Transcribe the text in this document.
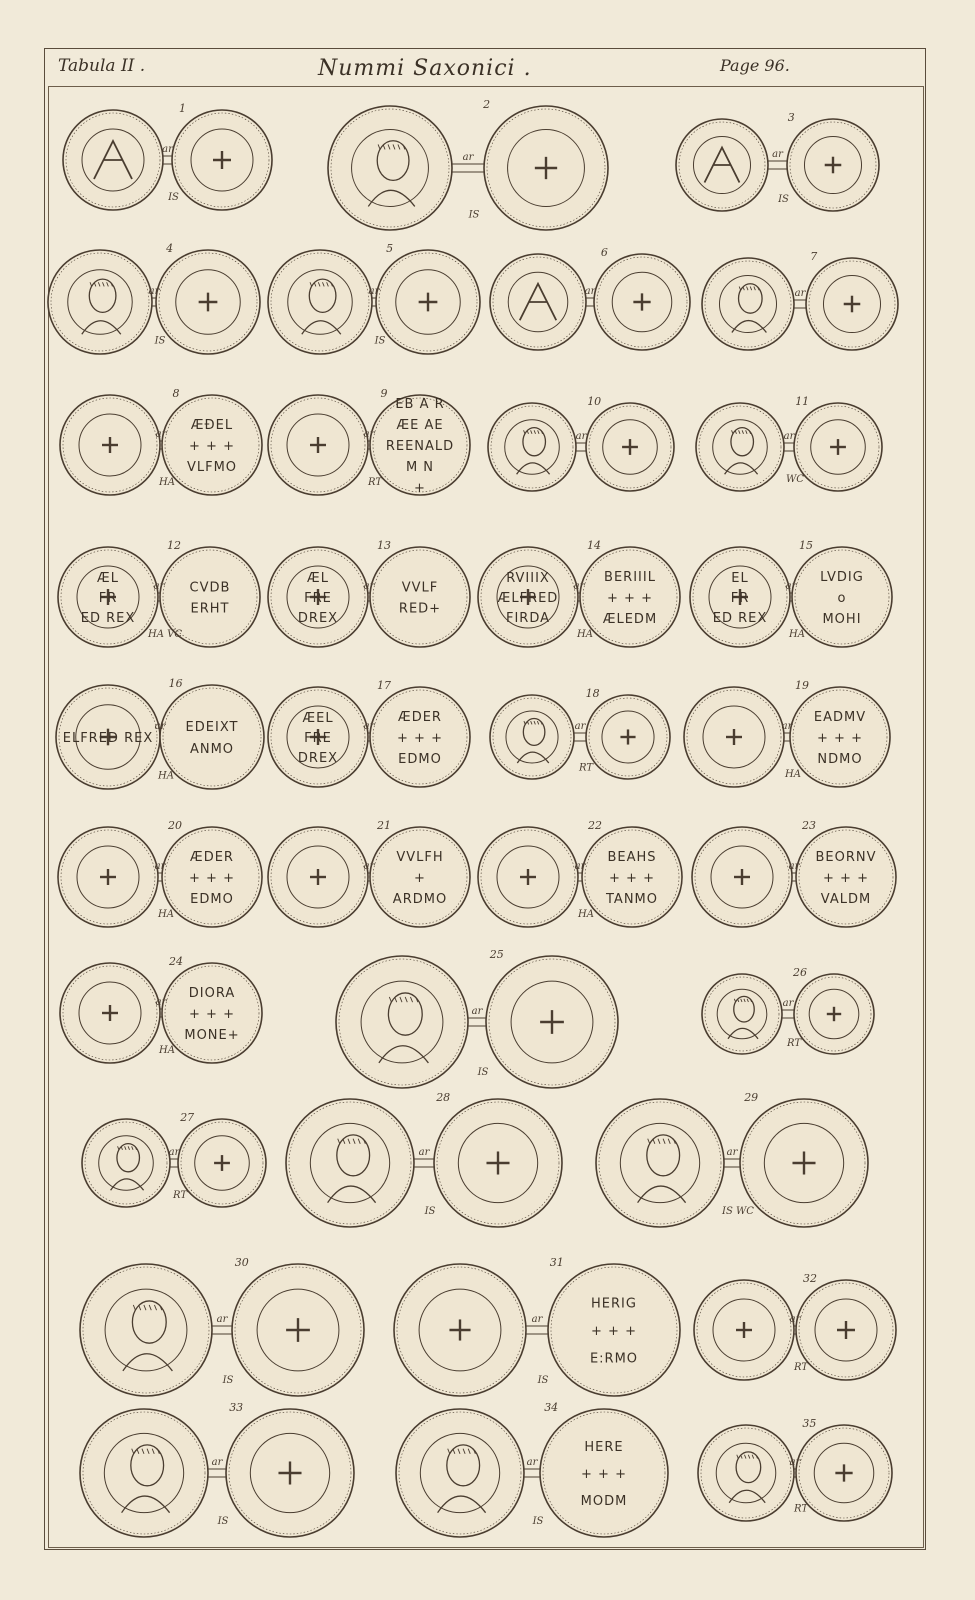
Tabula II .	Nummi Saxonici .	Page 96.
1
ar
IS
2
ar
IS
3
ar
IS
4
ar
IS
5
ar
IS
6
ar
7
ar
ÆÐEL
+ + +
VLFMO
8
ar
HA
EB A R
ÆE AE
REENALD
M N
+
9
ar
RT
10
ar
11
ar
WC
ÆL
FR
ED REX
CVDB
ERHT
12
ar
HA VC
ÆL
FRE
DREX
VVLF
RED+
13
ar
RVIIIX
ÆLFRED
FIRDA
BERIIIL
+ + +
ÆLEDM
14
ar
HA
EL
FR
ED REX
LVDIG
o
MOHI
15
ar
HA
ELFRED REX
EDEIXT
ANMO
16
ar
HA
ÆEL
FRE
DREX
ÆDER
+ + +
EDMO
17
ar
18
ar
RT
EADMV
+ + +
NDMO
19
ar
HA
ÆDER
+ + +
EDMO
20
ar
HA
VVLFH
+
ARDMO
21
ar
BEAHS
+ + +
TANMO
22
ar
HA
BEORNV
+ + +
VALDM
23
ar
DIORA
+ + +
MONE+
24
ar
HA
25
ar
IS
26
ar
RT
27
ar
RT
28
ar
IS
29
ar
IS WC
30
ar
IS
HERIG
+ + +
E:RMO
31
ar
IS
32
ar
RT
33
ar
IS
HERE
+ + +
MODM
34
ar
IS
35
ar
RT
